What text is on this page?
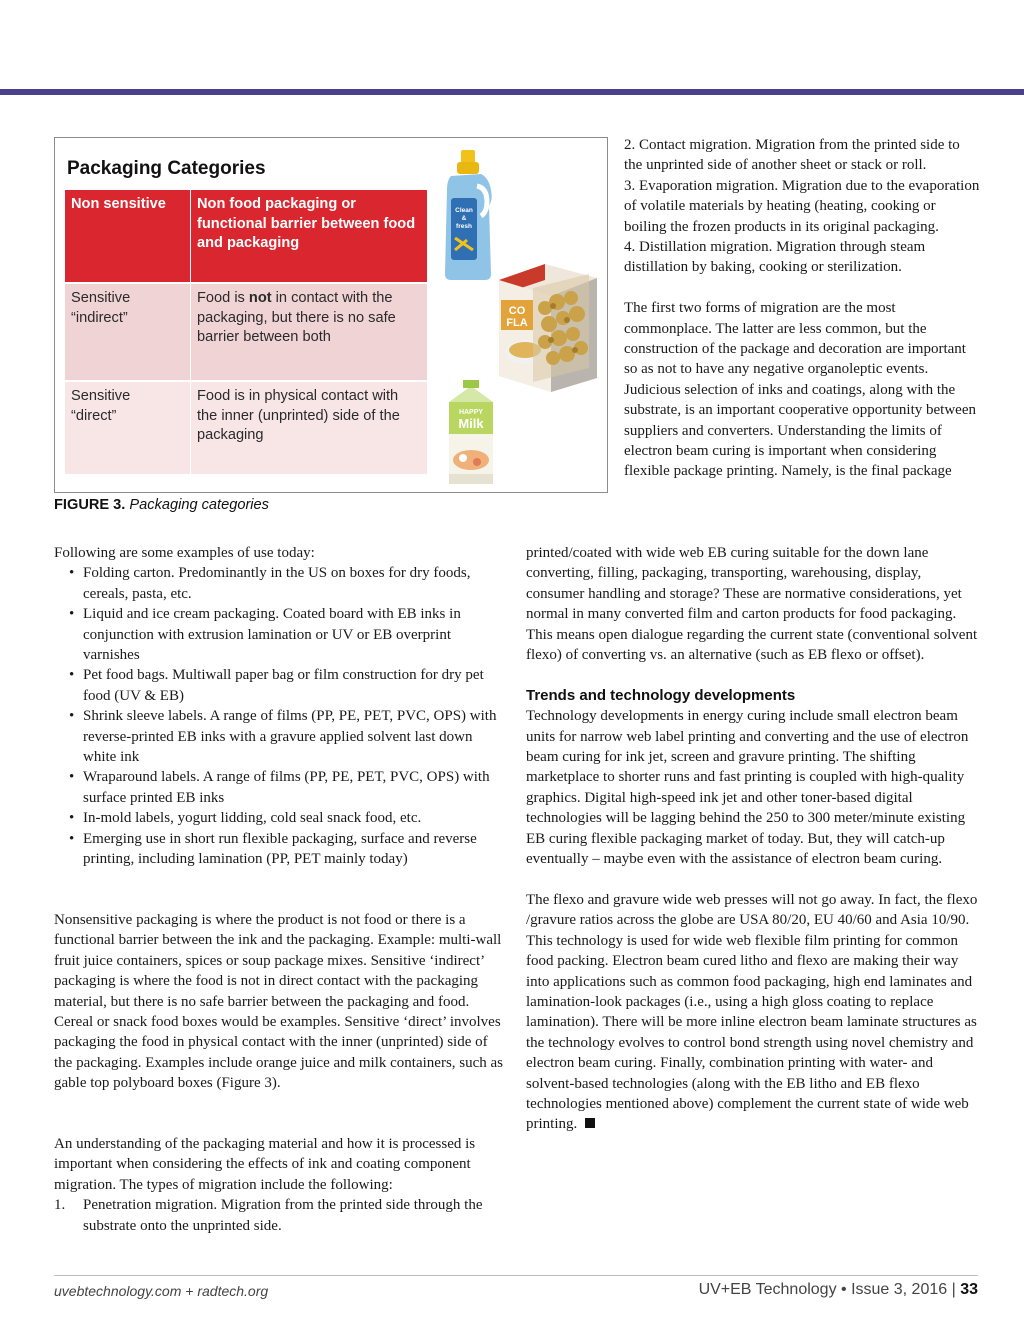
Packaging Categories
Non sensitive	Non food packaging or functional barrier between food and packaging

Sensitive
“indirect”	Food is not in contact with the packaging, but there is no safe barrier between both

Sensitive
“direct”	Food is in physical contact with the inner (unprinted) side of the packaging
Clean
&
fresh
CO
FLA
HAPPY
Milk
FIGURE 3. Packaging categories

Following are some examples of use today:

• Folding carton. Predominantly in the US on boxes for dry foods, cereals, pasta, etc.
• Liquid and ice cream packaging. Coated board with EB inks in conjunction with extrusion lamination or UV or EB overprint varnishes
• Pet food bags. Multiwall paper bag or film construction for dry pet food (UV & EB)
• Shrink sleeve labels. A range of films (PP, PE, PET, PVC, OPS) with reverse-printed EB inks with a gravure applied solvent last down white ink
• Wraparound labels. A range of films (PP, PE, PET, PVC, OPS) with surface printed EB inks
• In-mold labels, yogurt lidding, cold seal snack food, etc.
• Emerging use in short run flexible packaging, surface and reverse printing, including lamination (PP, PET mainly today)
Nonsensitive packaging is where the product is not food or there is a functional barrier between the ink and the packaging. Example: multi-wall fruit juice containers, spices or soup package mixes. Sensitive ‘indirect’ packaging is where the food is not in direct contact with the packaging material, but there is no safe barrier between the packaging and food. Cereal or snack food boxes would be examples. Sensitive ‘direct’ involves packaging the food in physical contact with the inner (unprinted) side of the packaging. Examples include orange juice and milk containers, such as gable top polyboard boxes (Figure 3).

An understanding of the packaging material and how it is processed is important when considering the effects of ink and coating component migration. The types of migration include the following:

1. Penetration migration. Migration from the printed side through the substrate onto the unprinted side.

2. Contact migration. Migration from the printed side to the unprinted side of another sheet or stack or roll.

3. Evaporation migration. Migration due to the evaporation of volatile materials by heating (heating, cooking or boiling the frozen products in its original packaging.

4. Distillation migration. Migration through steam distillation by baking, cooking or sterilization.

The first two forms of migration are the most commonplace. The latter are less common, but the construction of the package and decoration are important so as not to have any negative organoleptic events. Judicious selection of inks and coatings, along with the substrate, is an important cooperative opportunity between suppliers and converters. Understanding the limits of electron beam curing is important when considering flexible package printing. Namely, is the final package

printed/coated with wide web EB curing suitable for the down lane converting, filling, packaging, transporting, warehousing, display, consumer handling and storage? These are normative considerations, yet normal in many converted film and carton products for food packaging. This means open dialogue regarding the current state (conventional solvent flexo) of converting vs. an alternative (such as EB flexo or offset).

Trends and technology developments

Technology developments in energy curing include small electron beam units for narrow web label printing and converting and the use of electron beam curing for ink jet, screen and gravure printing. The shifting marketplace to shorter runs and fast printing is coupled with high-quality graphics. Digital high-speed ink jet and other toner-based digital technologies will be lagging behind the 250 to 300 meter/minute existing EB curing flexible packaging market of today. But, they will catch-up eventually – maybe even with the assistance of electron beam curing.

The flexo and gravure wide web presses will not go away. In fact, the flexo /gravure ratios across the globe are USA 80/20, EU 40/60 and Asia 10/90. This technology is used for wide web flexible film printing for common food packing. Electron beam cured litho and flexo are making their way into applications such as common food packaging, high end laminates and lamination-look packages (i.e., using a high gloss coating to replace lamination). There will be more inline electron beam laminate structures as the technology evolves to control bond strength using novel chemistry and electron beam curing. Finally, combination printing with water- and solvent-based technologies (along with the EB litho and EB flexo technologies mentioned above) complement the current state of wide web printing.

uvebtechnology.com + radtech.org	UV+EB Technology • Issue 3, 2016 | 33
